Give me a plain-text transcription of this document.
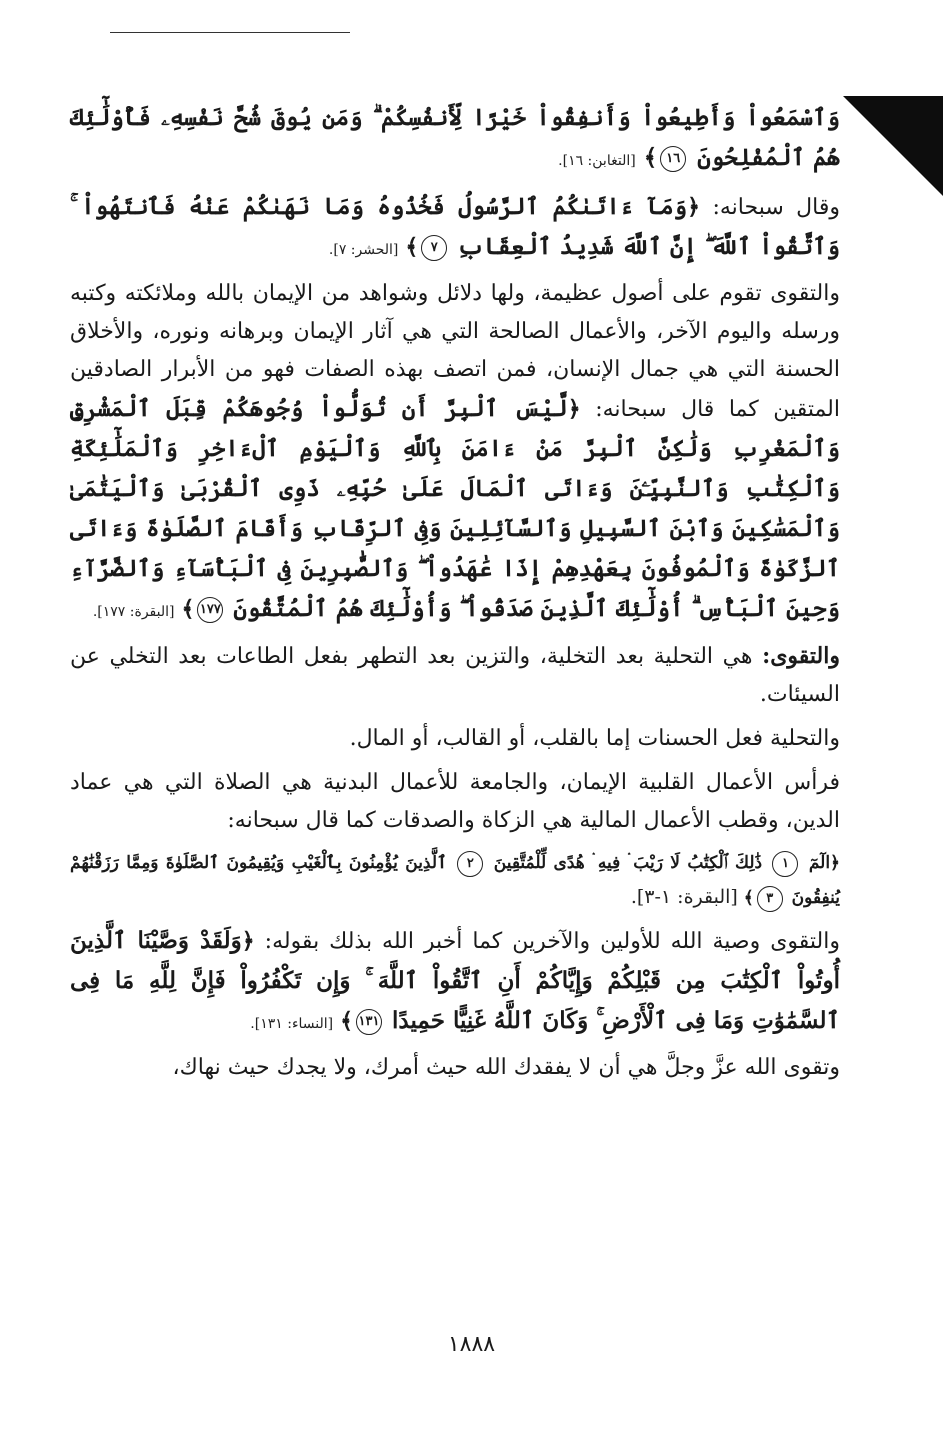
وَٱسْمَعُواْ وَأَطِيعُواْ وَأَنفِقُواْ خَيْرًا لِّأَنفُسِكُمْ ۗ وَمَن يُوقَ شُحَّ نَفْسِهِۦ فَأُوْلَٰٓئِكَ هُمُ ٱلْمُفْلِحُونَ ١٦﴾ [التغابن: ١٦].
وقال سبحانه: ﴿وَمَآ ءَاتَىٰكُمُ ٱلرَّسُولُ فَخُذُوهُ وَمَا نَهَىٰكُمْ عَنْهُ فَٱنتَهُواْ ۚ وَٱتَّقُواْ ٱللَّهَ ۖ إِنَّ ٱللَّهَ شَدِيدُ ٱلْعِقَابِ ٧﴾ [الحشر: ٧].
والتقوى تقوم على أصول عظيمة، ولها دلائل وشواهد من الإيمان بالله وملائكته وكتبه ورسله واليوم الآخر، والأعمال الصالحة التي هي آثار الإيمان وبرهانه ونوره، والأخلاق الحسنة التي هي جمال الإنسان، فمن اتصف بهذه الصفات فهو من الأبرار الصادقين المتقين كما قال سبحانه: ﴿لَّيْسَ ٱلْبِرَّ أَن تُوَلُّواْ وُجُوهَكُمْ قِبَلَ ٱلْمَشْرِقِ وَٱلْمَغْرِبِ وَلَٰكِنَّ ٱلْبِرَّ مَنْ ءَامَنَ بِٱللَّهِ وَٱلْيَوْمِ ٱلْءَاخِرِ وَٱلْمَلَٰٓئِكَةِ وَٱلْكِتَٰبِ وَٱلنَّبِيِّـۧنَ وَءَاتَى ٱلْمَالَ عَلَىٰ حُبِّهِۦ ذَوِى ٱلْقُرْبَىٰ وَٱلْيَتَٰمَىٰ وَٱلْمَسَٰكِينَ وَٱبْنَ ٱلسَّبِيلِ وَٱلسَّآئِلِينَ وَفِى ٱلرِّقَابِ وَأَقَامَ ٱلصَّلَوٰةَ وَءَاتَى ٱلزَّكَوٰةَ وَٱلْمُوفُونَ بِعَهْدِهِمْ إِذَا عَٰهَدُواْ ۖ وَٱلصَّٰبِرِينَ فِى ٱلْبَأْسَآءِ وَٱلضَّرَّآءِ وَحِينَ ٱلْبَأْسِ ۗ أُوْلَٰٓئِكَ ٱلَّذِينَ صَدَقُواْ ۖ وَأُوْلَٰٓئِكَ هُمُ ٱلْمُتَّقُونَ ١٧٧﴾ [البقرة: ١٧٧].
والتقوى: هي التحلية بعد التخلية، والتزين بعد التطهر بفعل الطاعات بعد التخلي عن السيئات.
والتحلية فعل الحسنات إما بالقلب، أو القالب، أو المال.
فرأس الأعمال القلبية الإيمان، والجامعة للأعمال البدنية هي الصلاة التي هي عماد الدين، وقطب الأعمال المالية هي الزكاة والصدقات كما قال سبحانه:
﴿الٓمٓ ١ ذَٰلِكَ ٱلْكِتَٰبُ لَا رَيْبَ ۛ فِيهِ ۛ هُدًى لِّلْمُتَّقِينَ ٢ ٱلَّذِينَ يُؤْمِنُونَ بِٱلْغَيْبِ وَيُقِيمُونَ ٱلصَّلَوٰةَ وَمِمَّا رَزَقْنَٰهُمْ يُنفِقُونَ ٣﴾ [البقرة: ١-٣].
والتقوى وصية الله للأولين والآخرين كما أخبر الله بذلك بقوله: ﴿وَلَقَدْ وَصَّيْنَا ٱلَّذِينَ أُوتُواْ ٱلْكِتَٰبَ مِن قَبْلِكُمْ وَإِيَّاكُمْ أَنِ ٱتَّقُواْ ٱللَّهَ ۚ وَإِن تَكْفُرُواْ فَإِنَّ لِلَّهِ مَا فِى ٱلسَّمَٰوَٰتِ وَمَا فِى ٱلْأَرْضِ ۚ وَكَانَ ٱللَّهُ غَنِيًّا حَمِيدًا ١٣١﴾ [النساء: ١٣١].
وتقوى الله عزَّ وجلَّ هي أن لا يفقدك الله حيث أمرك، ولا يجدك حيث نهاك،
١٨٨٨
